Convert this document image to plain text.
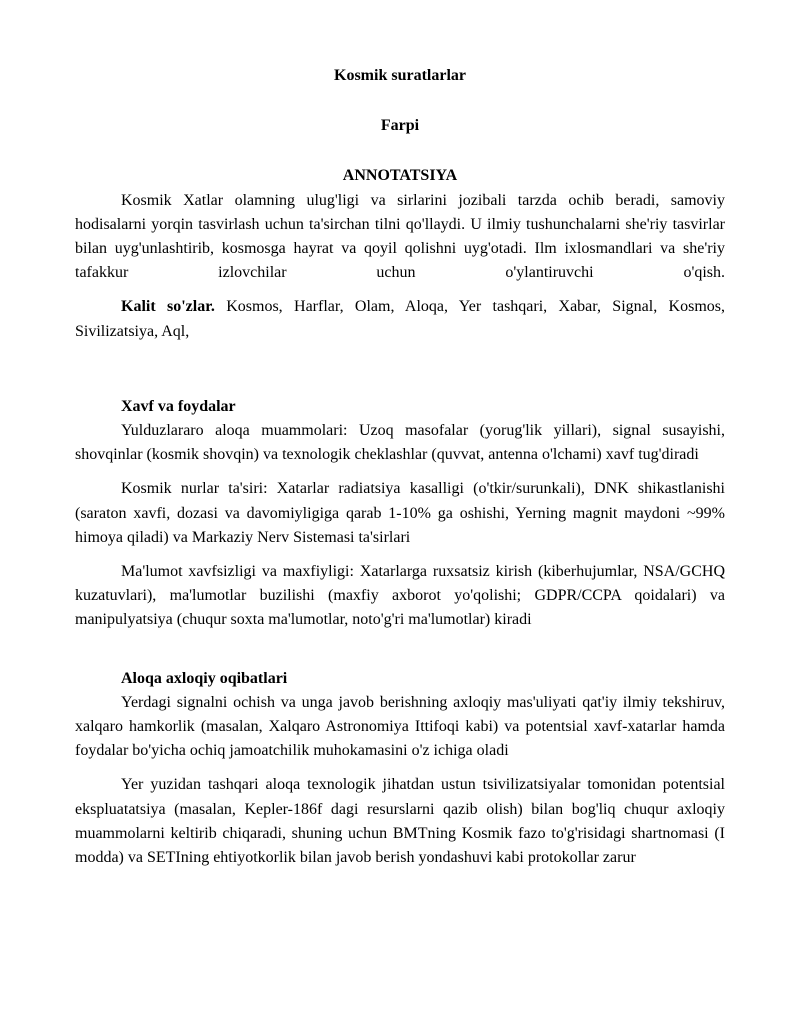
Kosmik suratlarlar
Farpi
ANNOTATSIYA

Kosmik Xatlar olamning ulug'ligi va sirlarini jozibali tarzda ochib beradi, samoviy hodisalarni yorqin tasvirlash uchun ta'sirchan tilni qo'llaydi. U ilmiy tushunchalarni she'riy tasvirlar bilan uyg'unlashtirib, kosmosga hayrat va qoyil qolishni uyg'otadi. Ilm ixlosmandlari va she'riy tafakkur izlovchilar uchun o'ylantiruvchi o'qish.

Kalit so'zlar. Kosmos, Harflar, Olam, Aloqa, Yer tashqari, Xabar, Signal, Kosmos, Sivilizatsiya, Aql,

Xavf va foydalar

Yulduzlararo aloqa muammolari: Uzoq masofalar (yorug'lik yillari), signal susayishi, shovqinlar (kosmik shovqin) va texnologik cheklashlar (quvvat, antenna o'lchami) xavf tug'diradi

Kosmik nurlar ta'siri: Xatarlar radiatsiya kasalligi (o'tkir/surunkali), DNK shikastlanishi (saraton xavfi, dozasi va davomiyligiga qarab 1-10% ga oshishi, Yerning magnit maydoni ~99% himoya qiladi) va Markaziy Nerv Sistemasi ta'sirlari

Ma'lumot xavfsizligi va maxfiyligi: Xatarlarga ruxsatsiz kirish (kiberhujumlar, NSA/GCHQ kuzatuvlari), ma'lumotlar buzilishi (maxfiy axborot yo'qolishi; GDPR/CCPA qoidalari) va manipulyatsiya (chuqur soxta ma'lumotlar, noto'g'ri ma'lumotlar) kiradi

Aloqa axloqiy oqibatlari

Yerdagi signalni ochish va unga javob berishning axloqiy mas'uliyati qat'iy ilmiy tekshiruv, xalqaro hamkorlik (masalan, Xalqaro Astronomiya Ittifoqi kabi) va potentsial xavf-xatarlar hamda foydalar bo'yicha ochiq jamoatchilik muhokamasini o'z ichiga oladi

Yer yuzidan tashqari aloqa texnologik jihatdan ustun tsivilizatsiyalar tomonidan potentsial ekspluatatsiya (masalan, Kepler-186f dagi resurslarni qazib olish) bilan bog'liq chuqur axloqiy muammolarni keltirib chiqaradi, shuning uchun BMTning Kosmik fazo to'g'risidagi shartnomasi (I modda) va SETIning ehtiyotkorlik bilan javob berish yondashuvi kabi protokollar zarur
